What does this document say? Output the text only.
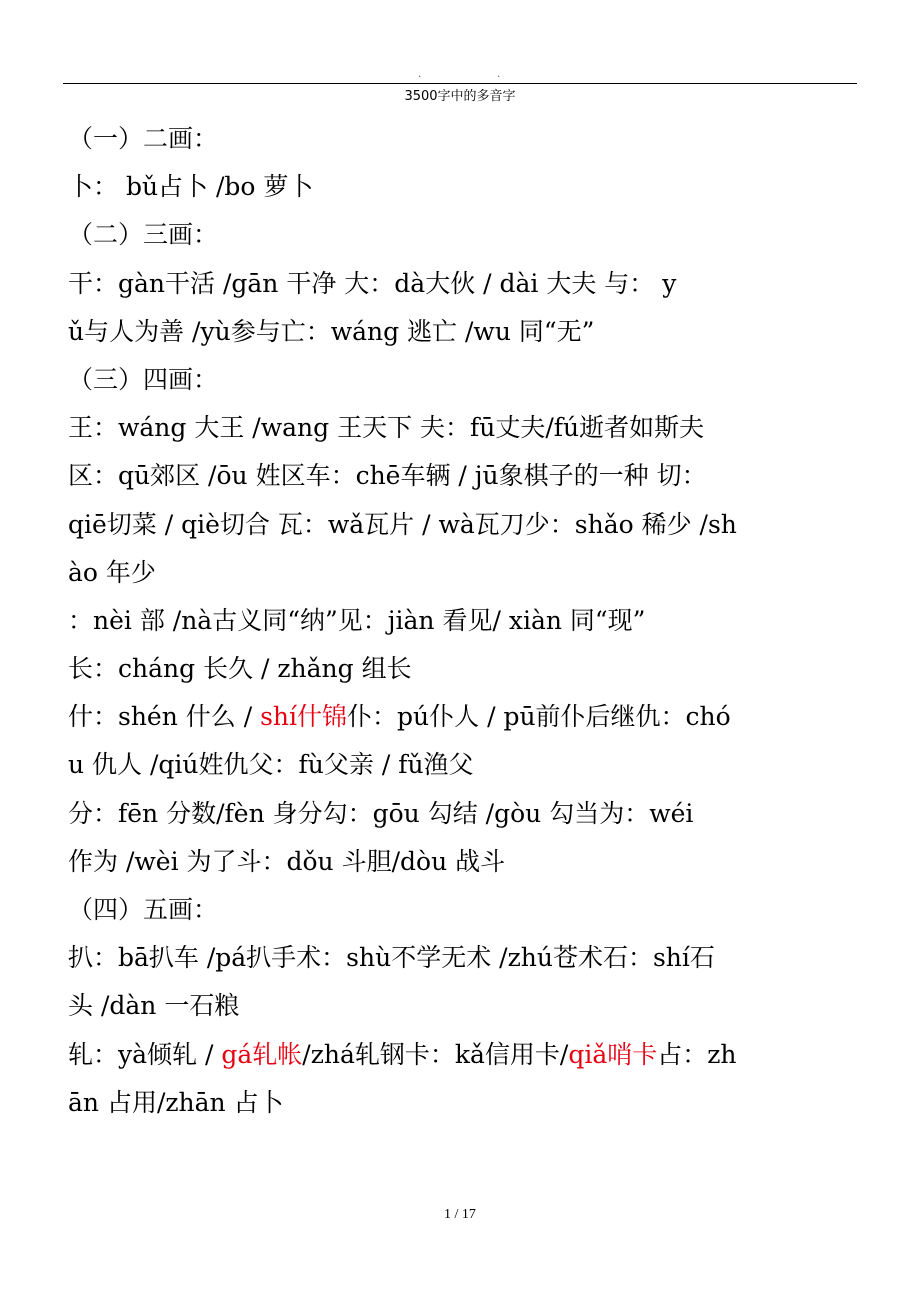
.	.
3500字中的多音字
（一）二画：
卜： bǔ占卜 /bo 萝卜
（二）三画：
干：gàn干活 /gān 干净 大：dà大伙 / dài 大夫 与： y
ǔ与人为善 /yù参与亡：wáng 逃亡 /wu 同“无”
（三）四画：
王：wáng 大王 /wang 王天下 夫：fū丈夫/fú逝者如斯夫
区：qū郊区 /ōu 姓区车：chē车辆 / jū象棋子的一种 切：
qiē切菜 / qiè切合 瓦：wǎ瓦片 / wà瓦刀少：shǎo 稀少 /sh
ào 年少
：nèi 部 /nà古义同“纳”见：jiàn 看见/ xiàn 同“现”
长：cháng 长久 / zhǎng 组长
什：shén 什么 / shí什锦仆：pú仆人 / pū前仆后继仇：chó
u 仇人 /qiú姓仇父：fù父亲 / fǔ渔父
分：fēn 分数/fèn 身分勾：gōu 勾结 /gòu 勾当为：wéi
作为 /wèi 为了斗：dǒu 斗胆/dòu 战斗
（四）五画：
扒：bā扒车 /pá扒手术：shù不学无术 /zhú苍术石：shí石
头 /dàn 一石粮
轧：yà倾轧 / gá轧帐/zhá轧钢卡：kǎ信用卡/qiǎ哨卡占：zh
ān 占用/zhān 占卜
1 / 17
